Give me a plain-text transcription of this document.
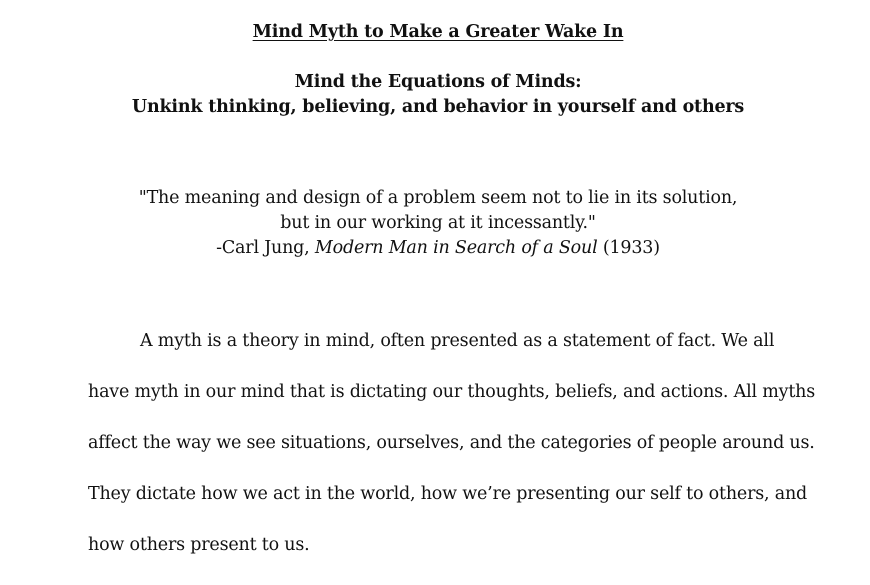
Mind Myth to Make a Greater Wake In
Mind the Equations of Minds:
Unkink thinking, believing, and behavior in yourself and others
"The meaning and design of a problem seem not to lie in its solution,
but in our working at it incessantly."
-Carl Jung, Modern Man in Search of a Soul (1933)
A myth is a theory in mind, often presented as a statement of fact. We all
have myth in our mind that is dictating our thoughts, beliefs, and actions. All myths
affect the way we see situations, ourselves, and the categories of people around us.
They dictate how we act in the world, how we’re presenting our self to others, and
how others present to us.
